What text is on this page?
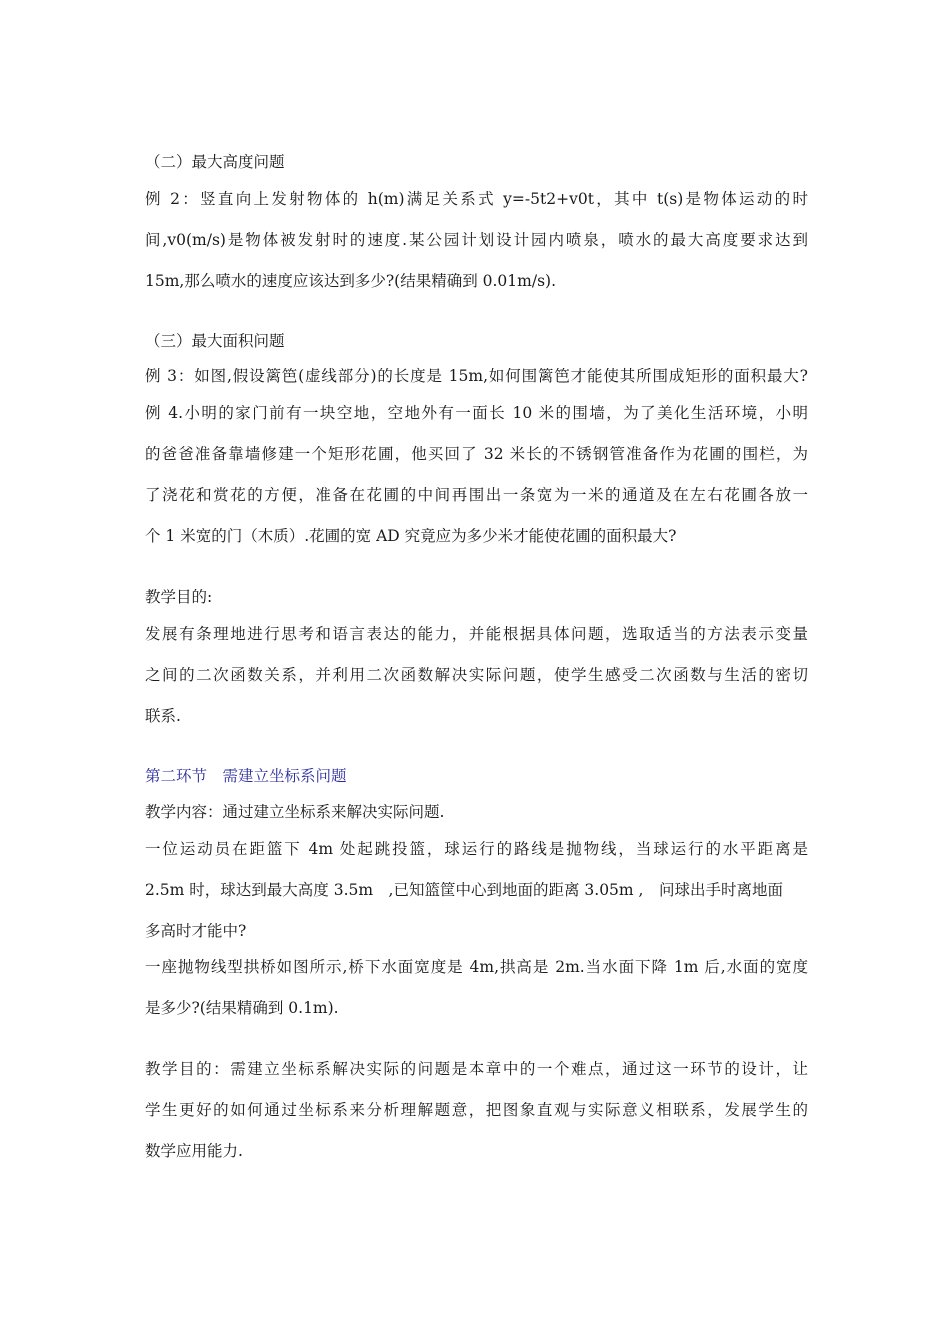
（二）最大高度问题
例 2：竖直向上发射物体的 h(m)满足关系式 y=-5t2+v0t，其中 t(s)是物体运动的时
间,v0(m/s)是物体被发射时的速度.某公园计划设计园内喷泉，喷水的最大高度要求达到
15m,那么喷水的速度应该达到多少?(结果精确到 0.01m/s).
（三）最大面积问题
例 3：如图,假设篱笆(虚线部分)的长度是 15m,如何围篱笆才能使其所围成矩形的面积最大?
例 4.小明的家门前有一块空地，空地外有一面长 10 米的围墙，为了美化生活环境，小明
的爸爸准备靠墙修建一个矩形花圃，他买回了 32 米长的不锈钢管准备作为花圃的围栏，为
了浇花和赏花的方便，准备在花圃的中间再围出一条宽为一米的通道及在左右花圃各放一
个 1 米宽的门（木质）.花圃的宽 AD 究竟应为多少米才能使花圃的面积最大?
教学目的:
发展有条理地进行思考和语言表达的能力，并能根据具体问题，选取适当的方法表示变量
之间的二次函数关系，并利用二次函数解决实际问题，使学生感受二次函数与生活的密切
联系.
第二环节　需建立坐标系问题
教学内容：通过建立坐标系来解决实际问题.
一位运动员在距篮下 4m 处起跳投篮，球运行的路线是抛物线，当球运行的水平距离是
2.5m 时，球达到最大高度 3.5m　,已知篮筐中心到地面的距离 3.05m ,　问球出手时离地面
多高时才能中?
一座抛物线型拱桥如图所示,桥下水面宽度是 4m,拱高是 2m.当水面下降 1m 后,水面的宽度
是多少?(结果精确到 0.1m).
教学目的：需建立坐标系解决实际的问题是本章中的一个难点，通过这一环节的设计，让
学生更好的如何通过坐标系来分析理解题意，把图象直观与实际意义相联系，发展学生的
数学应用能力.
